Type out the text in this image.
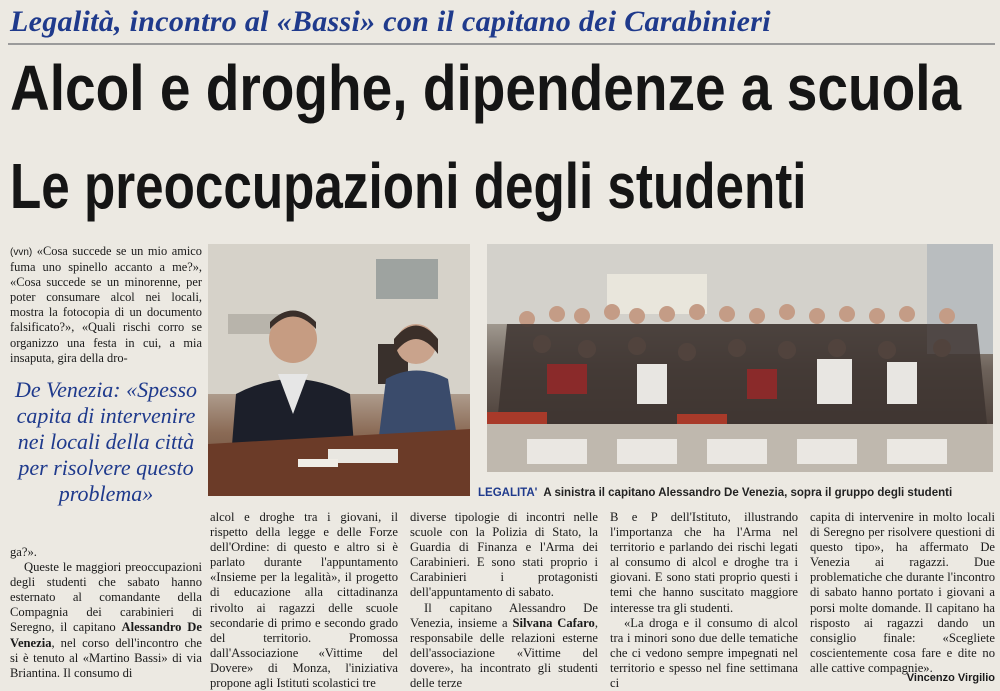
Legalità, incontro al «Bassi» con il capitano dei Carabinieri
Alcol e droghe, dipendenze a scuola
Le preoccupazioni degli studenti
(vvn) «Cosa succede se un mio amico fuma uno spinello accanto a me?», «Cosa succede se un minorenne, per poter consumare alcol nei locali, mostra la fotocopia di un documento falsificato?», «Quali rischi corro se organizzo una festa in cui, a mia insaputa, gira della dro-
De Venezia: «Spesso capita di intervenire nei locali della città per risolvere questo problema»	LEGALITA' A sinistra il capitano Alessandro De Venezia, sopra il gruppo degli studenti

ga?».

Queste le maggiori preoccupazioni degli studenti che sabato hanno esternato al comandante della Compagnia dei carabinieri di Seregno, il capitano Alessandro De Venezia, nel corso dell'incontro che si è tenuto al «Martino Bassi» di via Briantina. Il consumo di

alcol e droghe tra i giovani, il rispetto della legge e delle Forze dell'Ordine: di questo e altro si è parlato durante l'appuntamento «Insieme per la legalità», il progetto di educazione alla cittadinanza rivolto ai ragazzi delle scuole secondarie di primo e secondo grado del territorio. Promossa dall'Associazione «Vittime del Dovere» di Monza, l'iniziativa propone agli Istituti scolastici tre

diverse tipologie di incontri nelle scuole con la Polizia di Stato, la Guardia di Finanza e l'Arma dei Carabinieri. E sono stati proprio i Carabinieri i protagonisti dell'appuntamento di sabato.

Il capitano Alessandro De Venezia, insieme a Silvana Cafaro, responsabile delle relazioni esterne dell'associazione «Vittime del dovere», ha incontrato gli studenti delle terze

B e P dell'Istituto, illustrando l'importanza che ha l'Arma nel territorio e parlando dei rischi legati al consumo di alcol e droghe tra i giovani. E sono stati proprio questi i temi che hanno suscitato maggiore interesse tra gli studenti.

«La droga e il consumo di alcol tra i minori sono due delle tematiche che ci vedono sempre impegnati nel territorio e spesso nel fine settimana ci

capita di intervenire in molto locali di Seregno per risolvere questioni di questo tipo», ha affermato De Venezia ai ragazzi. Due problematiche che durante l'incontro di sabato hanno portato i giovani a porsi molte domande. Il capitano ha risposto ai ragazzi dando un consiglio finale: «Scegliete coscientemente cosa fare e dite no alle cattive compagnie».

Vincenzo Virgilio
